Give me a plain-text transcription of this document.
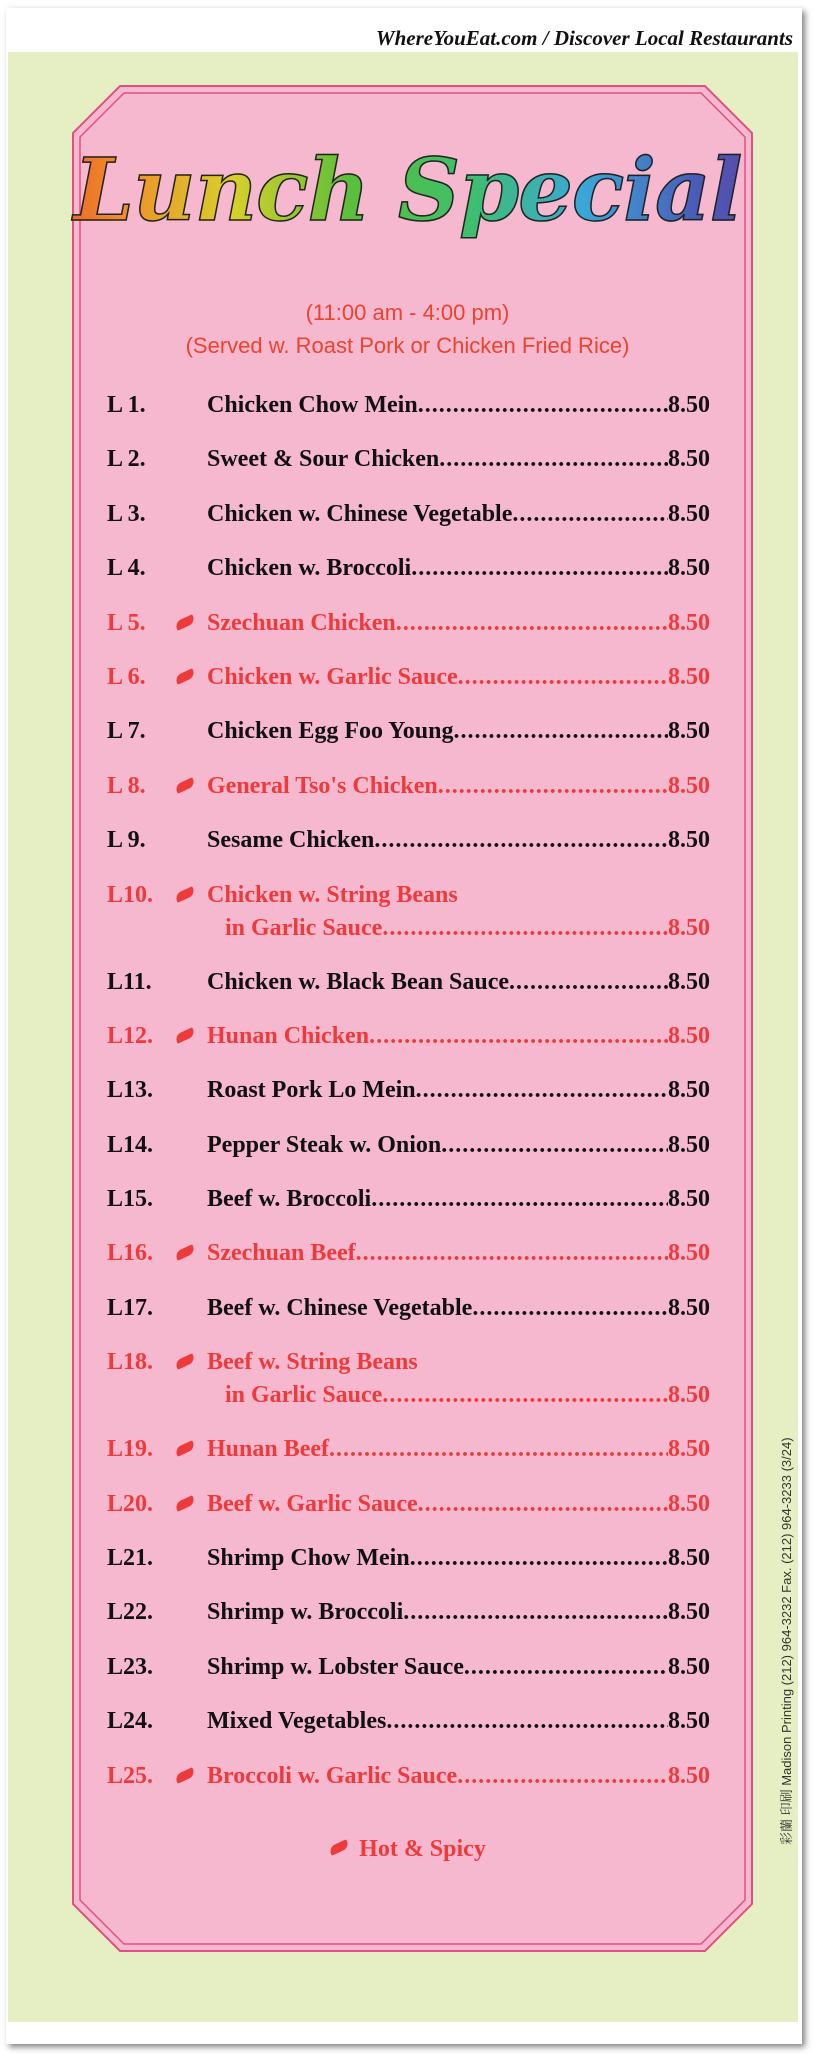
WhereYouEat.com / Discover Local Restaurants
Lunch Special
(11:00 am - 4:00 pm)
(Served w. Roast Pork or Chicken Fried Rice)
L 1.	Chicken Chow Mein .....	8.50
L 2.	Sweet & Sour Chicken .....	8.50
L 3.	Chicken w. Chinese Vegetable .....	8.50
L 4.	Chicken w. Broccoli .....	8.50
L 5.	Szechuan Chicken .....	8.50
L 6.	Chicken w. Garlic Sauce .....	8.50
L 7.	Chicken Egg Foo Young .....	8.50
L 8.	General Tso's Chicken .....	8.50
L 9.	Sesame Chicken .....	8.50
L10. Chicken w. String Beans
in Garlic Sauce .....	8.50
L11. Chicken w. Black Bean Sauce .....	8.50
L12. Hunan Chicken .....	8.50
L13. Roast Pork Lo Mein .....	8.50
L14. Pepper Steak w. Onion .....	8.50
L15. Beef w. Broccoli .....	8.50
L16. Szechuan Beef .....	8.50
L17. Beef w. Chinese Vegetable .....	8.50
L18. Beef w. String Beans
in Garlic Sauce .....	8.50
L19. Hunan Beef .....	8.50
L20. Beef w. Garlic Sauce .....	8.50
L21. Shrimp Chow Mein .....	8.50
L22. Shrimp w. Broccoli .....	8.50
L23. Shrimp w. Lobster Sauce .....	8.50
L24. Mixed Vegetables .....	8.50
L25. Broccoli w. Garlic Sauce .....	8.50
Hot & Spicy
彩蘭 印刷 Madison Printing (212) 964-3232 Fax. (212) 964-3233 (3/24)
